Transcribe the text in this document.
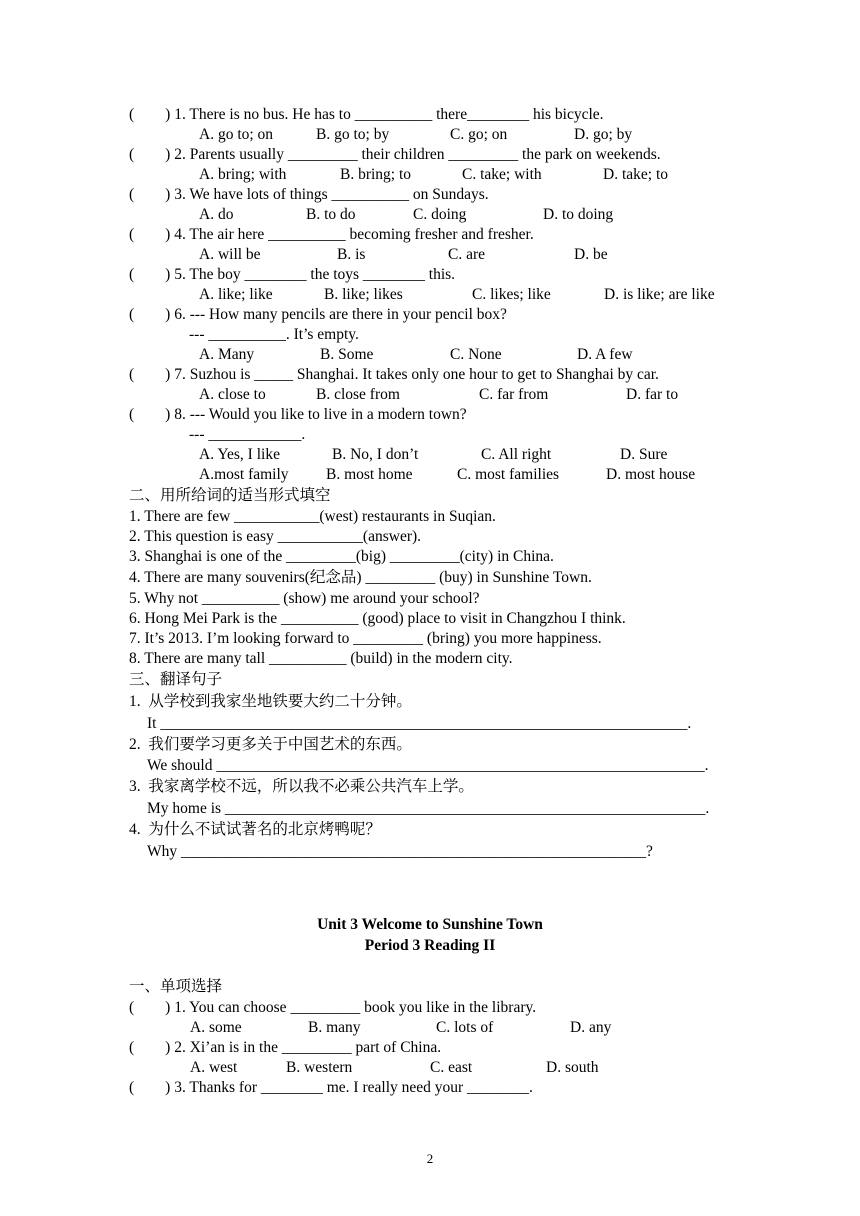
(        ) 1. There is no bus. He has to __________ there________ his bicycle.
A. go to; on	B. go to; by	C. go; on	D. go; by
(        ) 2. Parents usually _________ their children _________ the park on weekends.
A. bring; with	B. bring; to	C. take; with	D. take; to
(        ) 3. We have lots of things __________ on Sundays.
A. do	B. to do	C. doing	D. to doing
(        ) 4. The air here __________ becoming fresher and fresher.
A. will be	B. is	C. are	D. be
(        ) 5. The boy ________ the toys ________ this.
A. like; like	B. like; likes	C. likes; like	D. is like; are like
(        ) 6. --- How many pencils are there in your pencil box?
--- __________. It’s empty.
A. Many	B. Some	C. None	D. A few
(        ) 7. Suzhou is _____ Shanghai. It takes only one hour to get to Shanghai by car.
A. close to	B. close from	C. far from	D. far to
(        ) 8. --- Would you like to live in a modern town?
--- ____________.
A. Yes, I like	B. No, I don’t	C. All right	D. Sure
A.most family B. most home	C. most families	D. most house
二、用所给词的适当形式填空
1. There are few ___________(west) restaurants in Suqian.
2. This question is easy ___________(answer).
3. Shanghai is one of the _________(big) _________(city) in China.
4. There are many souvenirs(纪念品) _________ (buy) in Sunshine Town.
5. Why not __________ (show) me around your school?
6. Hong Mei Park is the __________ (good) place to visit in Changzhou I think.
7. It’s 2013. I’m looking forward to _________ (bring) you more happiness.
8. There are many tall __________ (build) in the modern city.
三、翻译句子
1.  从学校到我家坐地铁要大约二十分钟。
It ____________________________________________________________________.
2.  我们要学习更多关于中国艺术的东西。
We should _______________________________________________________________.
3.  我家离学校不远，所以我不必乘公共汽车上学。
My home is ______________________________________________________________.
4.  为什么不试试著名的北京烤鸭呢？
Why ____________________________________________________________?
Unit 3 Welcome to Sunshine Town
Period 3 Reading II
一、单项选择
(        ) 1. You can choose _________ book you like in the library.
A. some	B. many	C. lots of	D. any
(        ) 2. Xi’an is in the _________ part of China.
A. west	B. western	C. east	D. south
(        ) 3. Thanks for ________ me. I really need your ________.
2
